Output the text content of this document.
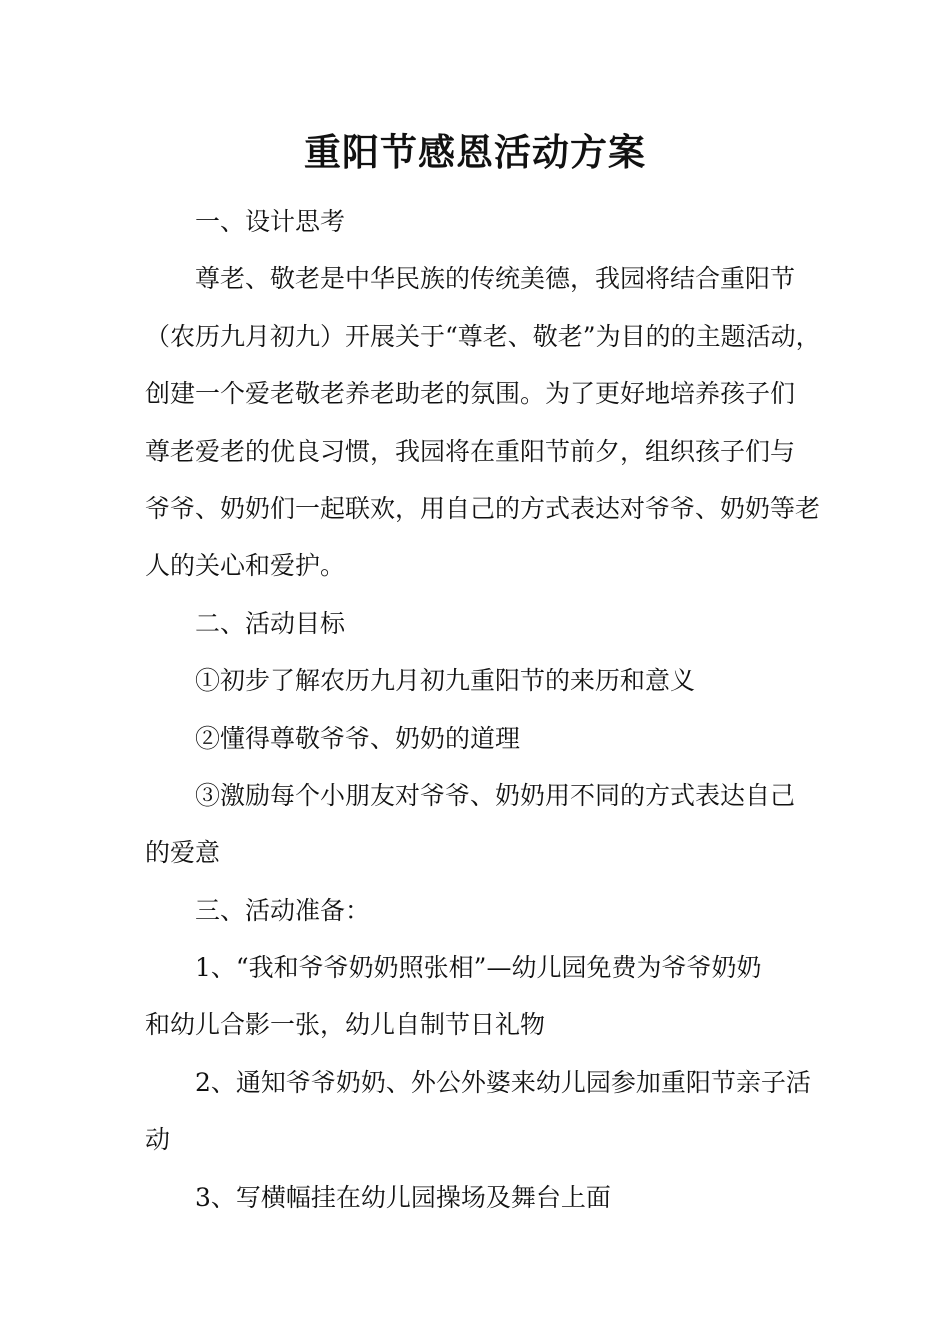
重阳节感恩活动方案
一、设计思考
尊老、敬老是中华民族的传统美德，我园将结合重阳节
（农历九月初九）开展关于“尊老、敬老”为目的的主题活动，
创建一个爱老敬老养老助老的氛围。为了更好地培养孩子们
尊老爱老的优良习惯，我园将在重阳节前夕，组织孩子们与
爷爷、奶奶们一起联欢，用自己的方式表达对爷爷、奶奶等老
人的关心和爱护。
二、活动目标
①初步了解农历九月初九重阳节的来历和意义
②懂得尊敬爷爷、奶奶的道理
③激励每个小朋友对爷爷、奶奶用不同的方式表达自己
的爱意
三、活动准备：
1、“我和爷爷奶奶照张相”—幼儿园免费为爷爷奶奶
和幼儿合影一张，幼儿自制节日礼物
2、通知爷爷奶奶、外公外婆来幼儿园参加重阳节亲子活
动
3、写横幅挂在幼儿园操场及舞台上面
